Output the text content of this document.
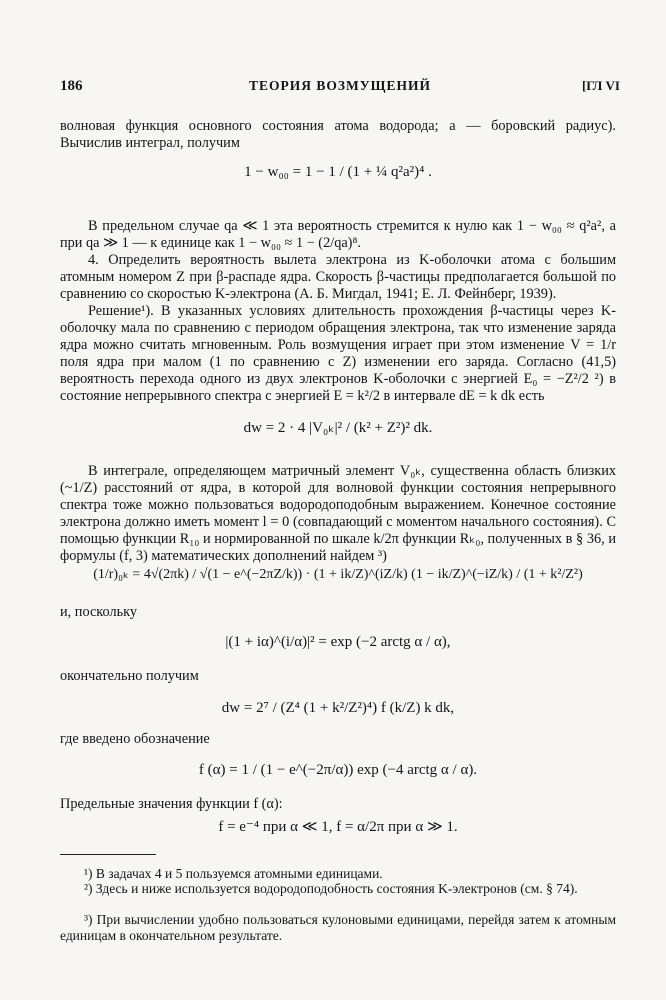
186	ТЕОРИЯ ВОЗМУЩЕНИЙ	[ГЛ VI
волновая функция основного состояния атома водорода; a — боровский радиус). Вычислив интеграл, получим
1 − w₀₀ = 1 − 1 / (1 + ¼ q²a²)⁴ .
В предельном случае qa ≪ 1 эта вероятность стремится к нулю как 1 − w₀₀ ≈ q²a², а при qa ≫ 1 — к единице как 1 − w₀₀ ≈ 1 − (2/qa)⁸.
4. Определить вероятность вылета электрона из K-оболочки атома с большим атомным номером Z при β-распаде ядра. Скорость β-частицы предполагается большой по сравнению со скоростью K-электрона (А. Б. Мигдал, 1941; Е. Л. Фейнберг, 1939).
Решение¹). В указанных условиях длительность прохождения β-частицы через K-оболочку мала по сравнению с периодом обращения электрона, так что изменение заряда ядра можно считать мгновенным. Роль возмущения играет при этом изменение V = 1/r поля ядра при малом (1 по сравнению с Z) изменении его заряда. Согласно (41,5) вероятность перехода одного из двух электронов K-оболочки с энергией E₀ = −Z²/2 ²) в состояние непрерывного спектра с энергией E = k²/2 в интервале dE = k dk есть
dw = 2 · 4 |V₀ₖ|² / (k² + Z²)² dk.
В интеграле, определяющем матричный элемент V₀ₖ, существенна область близких (~1/Z) расстояний от ядра, в которой для волновой функции состояния непрерывного спектра тоже можно пользоваться водородоподобным выражением. Конечное состояние электрона должно иметь момент l = 0 (совпадающий с моментом начального состояния). С помощью функции R₁₀ и нормированной по шкале k/2π функции Rₖ₀, полученных в § 36, и формулы (f, 3) математических дополнений найдем ³)
(1/r)₀ₖ = 4√(2πk) / √(1 − e^(−2πZ/k)) · (1 + ik/Z)^(iZ/k) (1 − ik/Z)^(−iZ/k) / (1 + k²/Z²)
и, поскольку
|(1 + iα)^(i/α)|² = exp (−2 arctg α / α),
окончательно получим
dw = 2⁷ / (Z⁴ (1 + k²/Z²)⁴) f (k/Z) k dk,
где введено обозначение
f (α) = 1 / (1 − e^(−2π/α)) exp (−4 arctg α / α).
Предельные значения функции f (α):
f = e⁻⁴ при α ≪ 1, f = α/2π при α ≫ 1.
¹) В задачах 4 и 5 пользуемся атомными единицами.
²) Здесь и ниже используется водородоподобность состояния K-электронов (см. § 74).
³) При вычислении удобно пользоваться кулоновыми единицами, перейдя затем к атомным единицам в окончательном результате.
